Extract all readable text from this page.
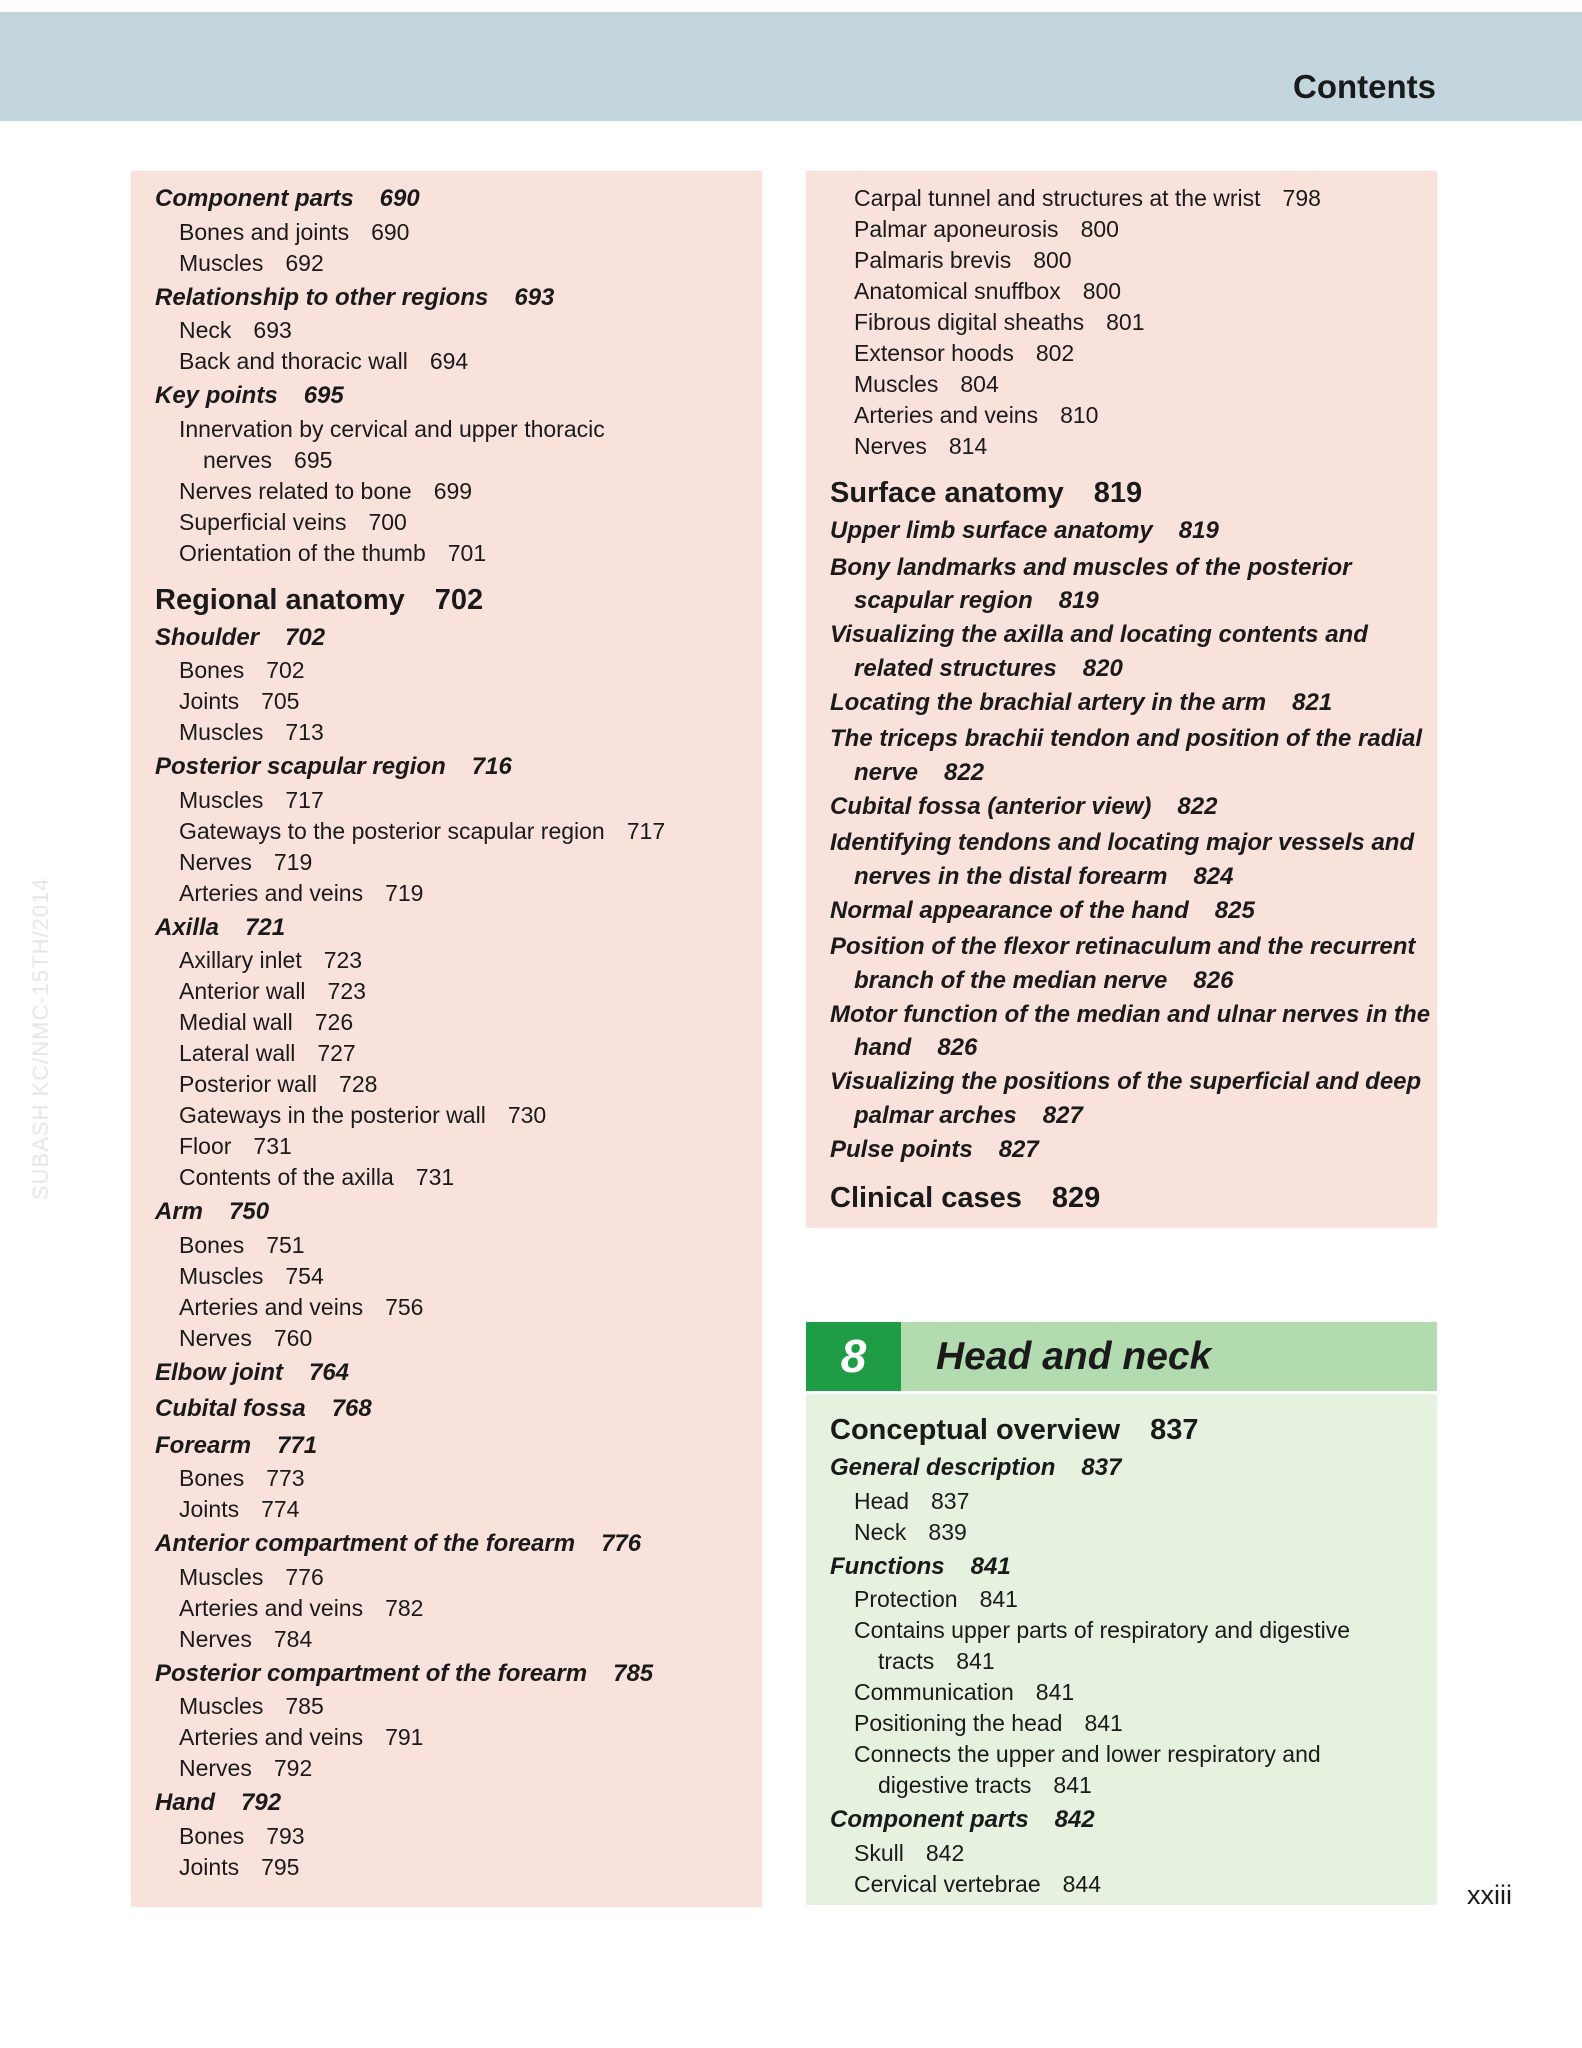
Contents
SUBASH KC/NMC-15TH/2014
Component parts 690
Bones and joints 690
Muscles 692
Relationship to other regions 693
Neck 693
Back and thoracic wall 694
Key points 695
Innervation by cervical and upper thoracic
nerves 695
Nerves related to bone 699
Superficial veins 700
Orientation of the thumb 701
Regional anatomy 702
Shoulder 702
Bones 702
Joints 705
Muscles 713
Posterior scapular region 716
Muscles 717
Gateways to the posterior scapular region 717
Nerves 719
Arteries and veins 719
Axilla 721
Axillary inlet 723
Anterior wall 723
Medial wall 726
Lateral wall 727
Posterior wall 728
Gateways in the posterior wall 730
Floor 731
Contents of the axilla 731
Arm 750
Bones 751
Muscles 754
Arteries and veins 756
Nerves 760
Elbow joint 764
Cubital fossa 768
Forearm 771
Bones 773
Joints 774
Anterior compartment of the forearm 776
Muscles 776
Arteries and veins 782
Nerves 784
Posterior compartment of the forearm 785
Muscles 785
Arteries and veins 791
Nerves 792
Hand 792
Bones 793
Joints 795
Carpal tunnel and structures at the wrist 798
Palmar aponeurosis 800
Palmaris brevis 800
Anatomical snuffbox 800
Fibrous digital sheaths 801
Extensor hoods 802
Muscles 804
Arteries and veins 810
Nerves 814
Surface anatomy 819
Upper limb surface anatomy 819
Bony landmarks and muscles of the posterior
scapular region 819
Visualizing the axilla and locating contents and
related structures 820
Locating the brachial artery in the arm 821
The triceps brachii tendon and position of the radial
nerve 822
Cubital fossa (anterior view) 822
Identifying tendons and locating major vessels and
nerves in the distal forearm 824
Normal appearance of the hand 825
Position of the flexor retinaculum and the recurrent
branch of the median nerve 826
Motor function of the median and ulnar nerves in the
hand 826
Visualizing the positions of the superficial and deep
palmar arches 827
Pulse points 827
Clinical cases 829
8	Head and neck
Conceptual overview 837
General description 837
Head 837
Neck 839
Functions 841
Protection 841
Contains upper parts of respiratory and digestive
tracts 841
Communication 841
Positioning the head 841
Connects the upper and lower respiratory and
digestive tracts 841
Component parts 842
Skull 842
Cervical vertebrae 844	xxiii
